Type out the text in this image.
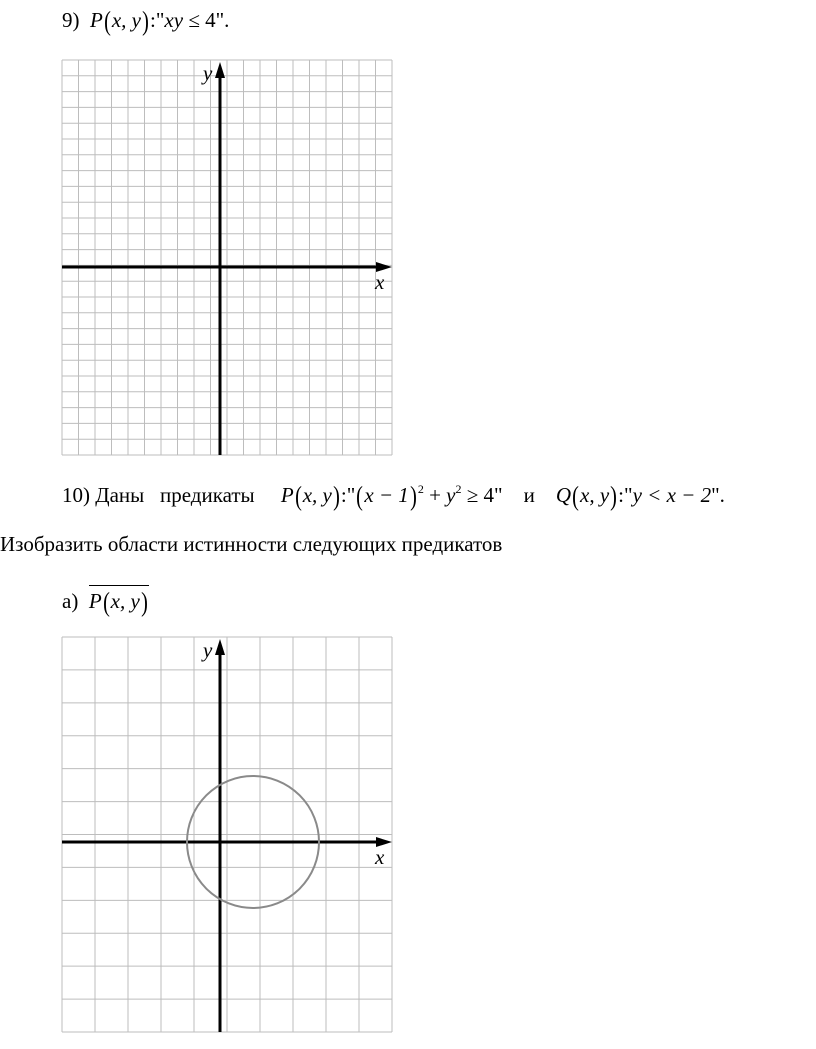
9) P(x, y):"xy ≤ 4".
x
y
10) Даны   предикаты P(x, y):"(x − $1)^2 + y^2 \ge 4$" и Q(x, y):"y < x − 2".
Изобразить области истинности следующих предикатов
а) P(x, y)
x
y
